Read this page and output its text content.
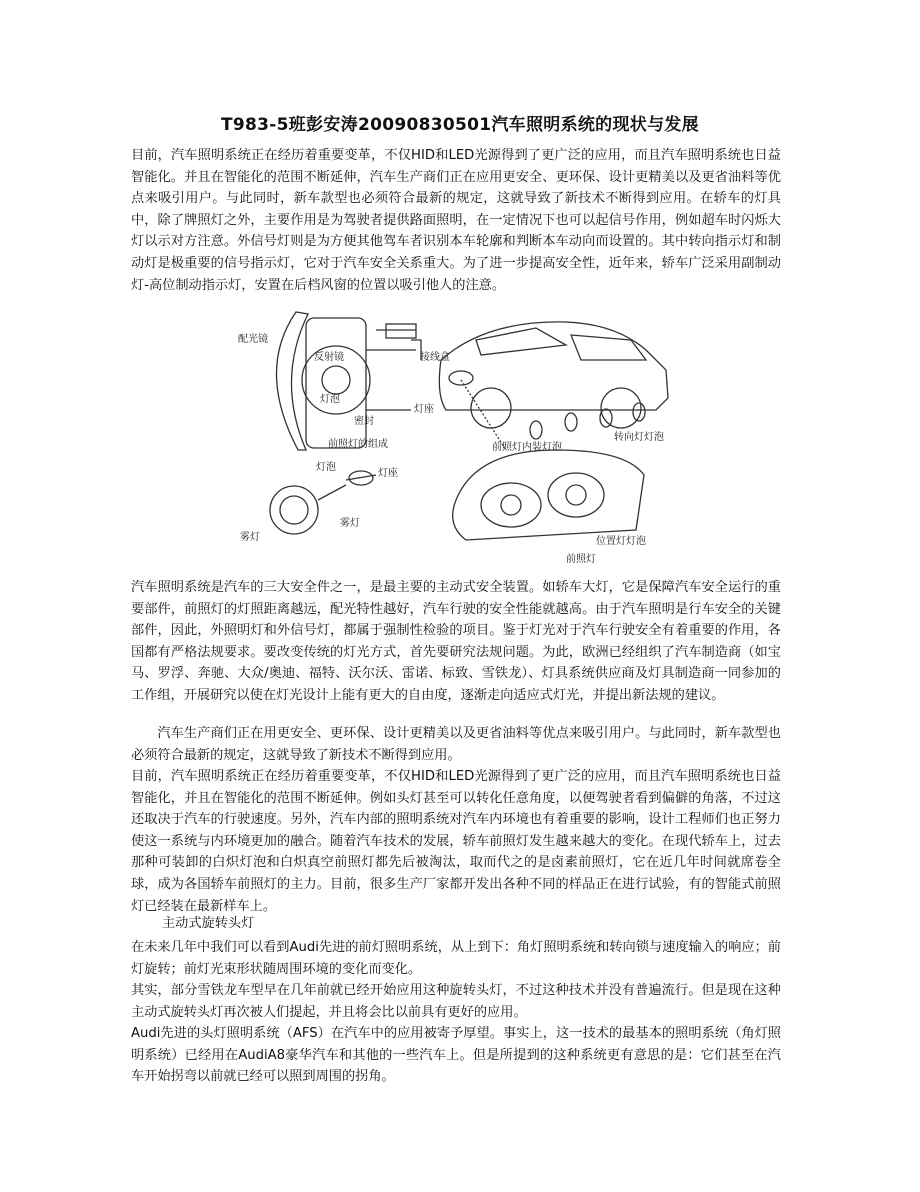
T983-5班彭安涛20090830501汽车照明系统的现状与发展

目前，汽车照明系统正在经历着重要变革，不仅HID和LED光源得到了更广泛的应用，而且汽车照明系统也日益智能化。并且在智能化的范围不断延伸，汽车生产商们正在应用更安全、更环保、设计更精美以及更省油料等优点来吸引用户。与此同时，新车款型也必须符合最新的规定，这就导致了新技术不断得到应用。在轿车的灯具中，除了牌照灯之外，主要作用是为驾驶者提供路面照明，在一定情况下也可以起信号作用，例如超车时闪烁大灯以示对方注意。外信号灯则是为方便其他驾车者识别本车轮廓和判断本车动向而设置的。其中转向指示灯和制动灯是极重要的信号指示灯，它对于汽车安全关系重大。为了进一步提高安全性，近年来，轿车广泛采用副制动灯-高位制动指示灯，安置在后档风窗的位置以吸引他人的注意。

配光镜
反射镜
灯泡
接线盒
灯座
密封
前照灯的组成
灯泡
灯座
雾灯
雾灯
前照灯内装灯泡
转向灯灯泡
位置灯灯泡
前照灯

汽车照明系统是汽车的三大安全件之一，是最主要的主动式安全装置。如轿车大灯，它是保障汽车安全运行的重要部件，前照灯的灯照距离越远，配光特性越好，汽车行驶的安全性能就越高。由于汽车照明是行车安全的关键部件，因此，外照明灯和外信号灯，都属于强制性检验的项目。鉴于灯光对于汽车行驶安全有着重要的作用，各国都有严格法规要求。要改变传统的灯光方式，首先要研究法规问题。为此，欧洲已经组织了汽车制造商（如宝马、罗浮、奔驰、大众/奥迪、福特、沃尔沃、雷诺、标致、雪铁龙）、灯具系统供应商及灯具制造商一同参加的工作组，开展研究以使在灯光设计上能有更大的自由度，逐渐走向适应式灯光，并提出新法规的建议。

汽车生产商们正在用更安全、更环保、设计更精美以及更省油料等优点来吸引用户。与此同时，新车款型也必须符合最新的规定，这就导致了新技术不断得到应用。

目前，汽车照明系统正在经历着重要变革，不仅HID和LED光源得到了更广泛的应用，而且汽车照明系统也日益智能化，并且在智能化的范围不断延伸。例如头灯甚至可以转化任意角度，以便驾驶者看到偏僻的角落，不过这还取决于汽车的行驶速度。另外，汽车内部的照明系统对汽车内环境也有着重要的影响，设计工程师们也正努力使这一系统与内环境更加的融合。随着汽车技术的发展，轿车前照灯发生越来越大的变化。在现代轿车上，过去那种可装卸的白炽灯泡和白炽真空前照灯都先后被淘汰，取而代之的是卤素前照灯，它在近几年时间就席卷全球，成为各国轿车前照灯的主力。目前，很多生产厂家都开发出各种不同的样品正在进行试验，有的智能式前照灯已经装在最新样车上。

主动式旋转头灯

在未来几年中我们可以看到Audi先进的前灯照明系统，从上到下：角灯照明系统和转向锁与速度输入的响应；前灯旋转；前灯光束形状随周围环境的变化而变化。

其实，部分雪铁龙车型早在几年前就已经开始应用这种旋转头灯，不过这种技术并没有普遍流行。但是现在这种主动式旋转头灯再次被人们提起，并且将会比以前具有更好的应用。

Audi先进的头灯照明系统（AFS）在汽车中的应用被寄予厚望。事实上，这一技术的最基本的照明系统（角灯照明系统）已经用在AudiA8豪华汽车和其他的一些汽车上。但是所提到的这种系统更有意思的是：它们甚至在汽车开始拐弯以前就已经可以照到周围的拐角。
